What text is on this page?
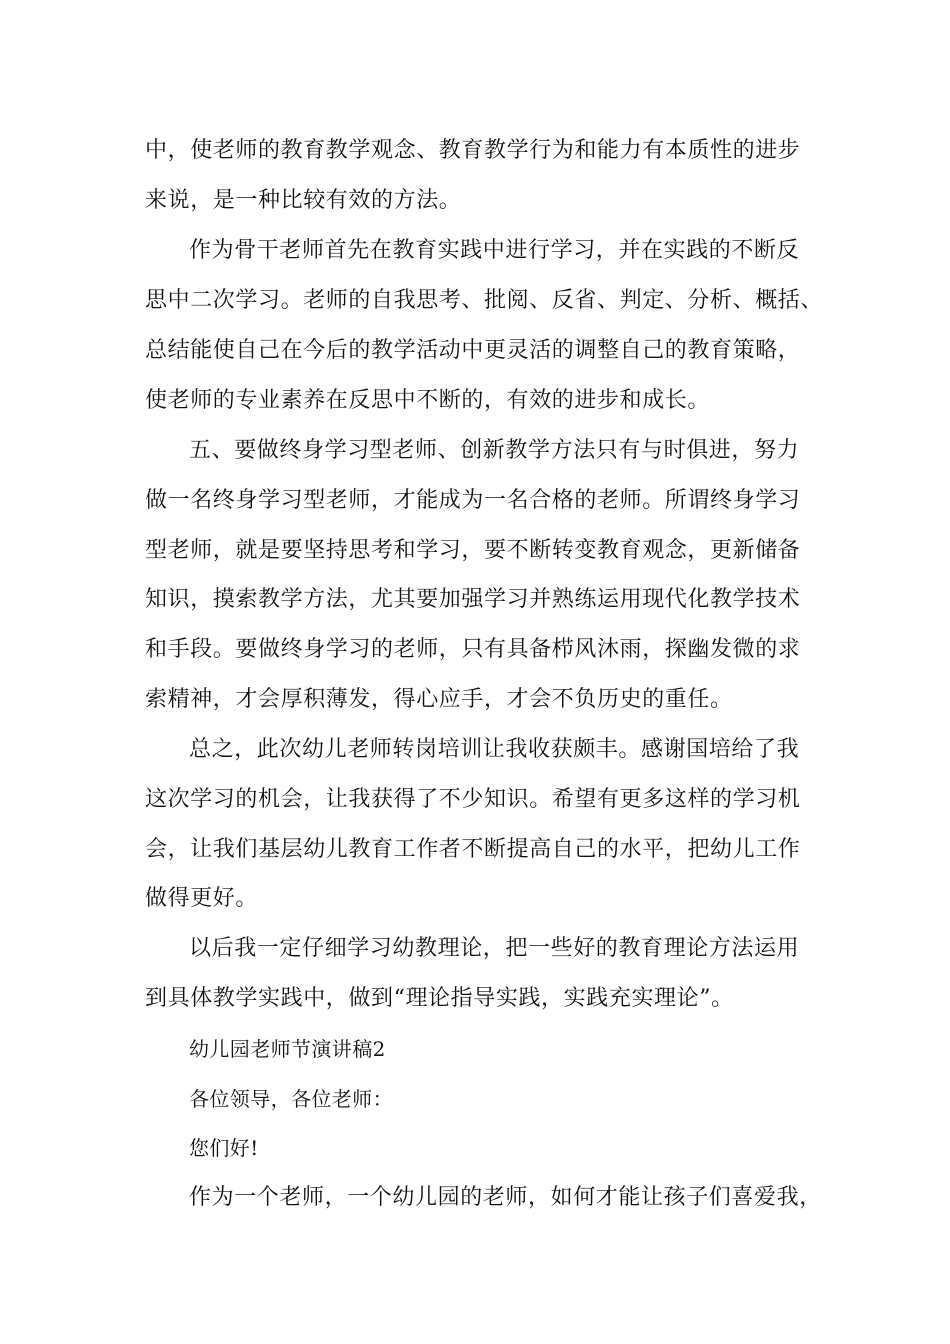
中，使老师的教育教学观念、教育教学行为和能力有本质性的进步
来说，是一种比较有效的方法。
作为骨干老师首先在教育实践中进行学习，并在实践的不断反
思中二次学习。老师的自我思考、批阅、反省、判定、分析、概括、
总结能使自己在今后的教学活动中更灵活的调整自己的教育策略，
使老师的专业素养在反思中不断的，有效的进步和成长。
五、要做终身学习型老师、创新教学方法只有与时俱进，努力
做一名终身学习型老师，才能成为一名合格的老师。所谓终身学习
型老师，就是要坚持思考和学习，要不断转变教育观念，更新储备
知识，摸索教学方法，尤其要加强学习并熟练运用现代化教学技术
和手段。要做终身学习的老师，只有具备栉风沐雨，探幽发微的求
索精神，才会厚积薄发，得心应手，才会不负历史的重任。
总之，此次幼儿老师转岗培训让我收获颇丰。感谢国培给了我
这次学习的机会，让我获得了不少知识。希望有更多这样的学习机
会，让我们基层幼儿教育工作者不断提高自己的水平，把幼儿工作
做得更好。
以后我一定仔细学习幼教理论，把一些好的教育理论方法运用
到具体教学实践中，做到“理论指导实践，实践充实理论”。
幼儿园老师节演讲稿2
各位领导，各位老师：
您们好!
作为一个老师，一个幼儿园的老师，如何才能让孩子们喜爱我，
